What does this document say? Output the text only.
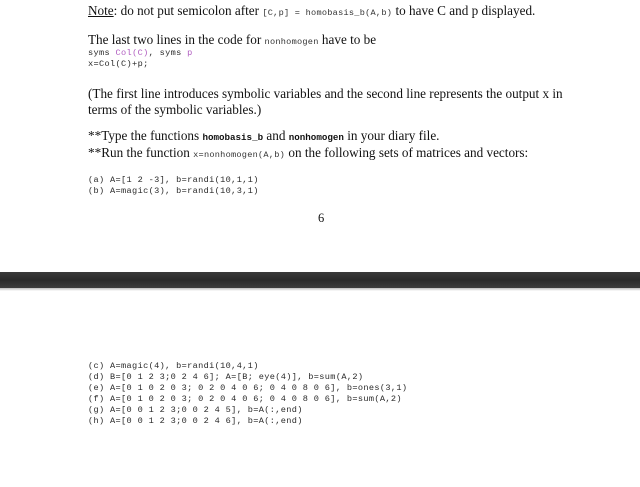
Note: do not put semicolon after [C,p] = homobasis_b(A,b) to have C and p displayed.
The last two lines in the code for nonhomogen have to be
syms Col(C), syms p
x=Col(C)+p;
(The first line introduces symbolic variables and the second line represents the output x in
terms of the symbolic variables.)
**Type the functions homobasis_b and nonhomogen in your diary file.
**Run the function x=nonhomogen(A,b) on the following sets of matrices and vectors:
(a) A=[1 2 -3], b=randi(10,1,1)
(b) A=magic(3), b=randi(10,3,1)
6
(c) A=magic(4), b=randi(10,4,1)
(d) B=[0 1 2 3;0 2 4 6]; A=[B; eye(4)], b=sum(A,2)
(e) A=[0 1 0 2 0 3; 0 2 0 4 0 6; 0 4 0 8 0 6], b=ones(3,1)
(f) A=[0 1 0 2 0 3; 0 2 0 4 0 6; 0 4 0 8 0 6], b=sum(A,2)
(g) A=[0 0 1 2 3;0 0 2 4 5], b=A(:,end)
(h) A=[0 0 1 2 3;0 0 2 4 6], b=A(:,end)
